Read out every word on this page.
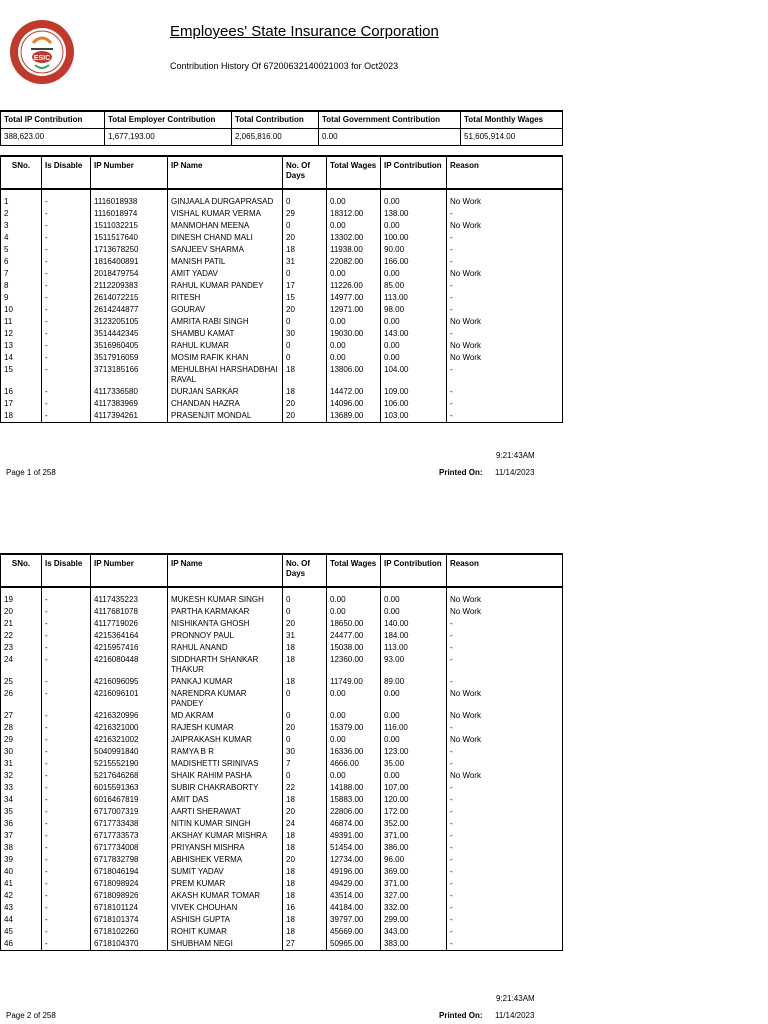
ESIC
Employees' State Insurance Corporation
Contribution History Of 67200632140021003 for Oct2023
Total IP Contribution	Total Employer Contribution	Total Contribution	Total Government Contribution	Total Monthly Wages
388,623.00	1,677,193.00	2,065,816.00	0.00	51,605,914.00
SNo.	Is Disable	IP Number	IP Name	No. Of Days	Total Wages	IP Contribution	Reason
1	-	1116018938	GINJAALA DURGAPRASAD	0	0.00	0.00	No Work
2	-	1116018974	VISHAL KUMAR VERMA	29	18312.00	138.00	-
3	-	1511032215	MANMOHAN MEENA	0	0.00	0.00	No Work
4	-	1511517640	DINESH CHAND MALI	20	13302.00	100.00	-
5	-	1713678250	SANJEEV SHARMA	18	11938.00	90.00	-
6	-	1816400891	MANISH PATIL	31	22082.00	166.00	-
7	-	2018479754	AMIT YADAV	0	0.00	0.00	No Work
8	-	2112209383	RAHUL KUMAR PANDEY	17	11226.00	85.00	-
9	-	2614072215	RITESH	15	14977.00	113.00	-
10	-	2614244877	GOURAV	20	12971.00	98.00	-
11	-	3123205105	AMRITA RABI SINGH	0	0.00	0.00	No Work
12	-	3514442345	SHAMBU KAMAT	30	19030.00	143.00	-
13	-	3516960405	RAHUL KUMAR	0	0.00	0.00	No Work
14	-	3517916059	MOSIM RAFIK KHAN	0	0.00	0.00	No Work
15	-	3713185166	MEHULBHAI HARSHADBHAI RAVAL	18	13806.00	104.00	-
16	-	4117336580	DURJAN SARKAR	18	14472.00	109.00	-
17	-	4117383969	CHANDAN HAZRA	20	14096.00	106.00	-
18	-	4117394261	PRASENJIT MONDAL	20	13689.00	103.00	-
9:21:43AM
Page 1 of 258	Printed On: 11/14/2023
SNo.	Is Disable	IP Number	IP Name	No. Of Days	Total Wages	IP Contribution	Reason
19	-	4117435223	MUKESH KUMAR SINGH	0	0.00	0.00	No Work
20	-	4117681078	PARTHA KARMAKAR	0	0.00	0.00	No Work
21	-	4117719026	NISHIKANTA GHOSH	20	18650.00	140.00	-
22	-	4215364164	PRONNOY PAUL	31	24477.00	184.00	-
23	-	4215957416	RAHUL ANAND	18	15038.00	113.00	-
24	-	4216080448	SIDDHARTH SHANKAR THAKUR	18	12360.00	93.00	-
25	-	4216096095	PANKAJ KUMAR	18	11749.00	89.00	-
26	-	4216096101	NARENDRA KUMAR PANDEY	0	0.00	0.00	No Work
27	-	4216320996	MD AKRAM	0	0.00	0.00	No Work
28	-	4216321000	RAJESH KUMAR	20	15379.00	116.00	-
29	-	4216321002	JAIPRAKASH KUMAR	0	0.00	0.00	No Work
30	-	5040991840	RAMYA B R	30	16336.00	123.00	-
31	-	5215552190	MADISHETTI SRINIVAS	7	4666.00	35.00	-
32	-	5217646268	SHAIK RAHIM PASHA	0	0.00	0.00	No Work
33	-	6015591363	SUBIR CHAKRABORTY	22	14188.00	107.00	-
34	-	6016467819	AMIT DAS	18	15883.00	120.00	-
35	-	6717007319	AARTI SHERAWAT	20	22806.00	172.00	-
36	-	6717733438	NITIN KUMAR SINGH	24	46874.00	352.00	-
37	-	6717733573	AKSHAY KUMAR MISHRA	18	49391.00	371.00	-
38	-	6717734008	PRIYANSH MISHRA	18	51454.00	386.00	-
39	-	6717832798	ABHISHEK VERMA	20	12734.00	96.00	-
40	-	6718046194	SUMIT YADAV	18	49196.00	369.00	-
41	-	6718098924	PREM KUMAR	18	49429.00	371.00	-
42	-	6718098926	AKASH KUMAR TOMAR	18	43514.00	327.00	-
43	-	6718101124	VIVEK CHOUHAN	16	44184.00	332.00	-
44	-	6718101374	ASHISH GUPTA	18	39797.00	299.00	-
45	-	6718102260	ROHIT KUMAR	18	45669.00	343.00	-
46	-	6718104370	SHUBHAM NEGI	27	50965.00	383.00	-
9:21:43AM
Page 2 of 258	Printed On: 11/14/2023
